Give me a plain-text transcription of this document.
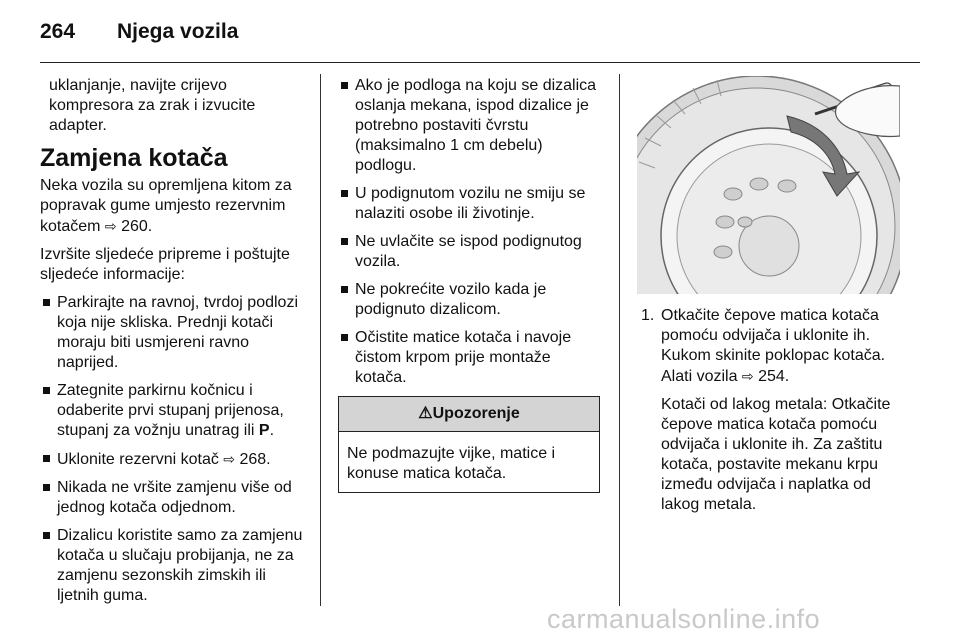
264 Njega vozila

uklanjanje, navijte crijevo kompresora za zrak i izvucite adapter.

Zamjena kotača

Neka vozila su opremljena kitom za popravak gume umjesto rezervnim kotačem ⇨ 260.

Izvršite sljedeće pripreme i poštujte sljedeće informacije:

Parkirajte na ravnoj, tvrdoj podlozi koja nije skliska. Prednji kotači moraju biti usmjereni ravno naprijed.
Zategnite parkirnu kočnicu i odaberite prvi stupanj prijenosa, stupanj za vožnju unatrag ili P.
Uklonite rezervni kotač ⇨ 268.
Nikada ne vršite zamjenu više od jednog kotača odjednom.
Dizalicu koristite samo za zamjenu kotača u slučaju probijanja, ne za zamjenu sezonskih zimskih ili ljetnih guma.
Ako je podloga na koju se dizalica oslanja mekana, ispod dizalice je potrebno postaviti čvrstu (maksimalno 1 cm debelu) podlogu.
U podignutom vozilu ne smiju se nalaziti osobe ili životinje.
Ne uvlačite se ispod podignutog vozila.
Ne pokrećite vozilo kada je podignuto dizalicom.
Očistite matice kotača i navoje čistom krpom prije montaže kotača.
⚠Upozorenje
Ne podmazujte vijke, matice i konuse matica kotača.
1. Otkačite čepove matica kotača pomoću odvijača i uklonite ih. Kukom skinite poklopac kotača. Alati vozila ⇨ 254.

Kotači od lakog metala: Otkačite čepove matica kotača pomoću odvijača i uklonite ih. Za zaštitu kotača, postavite mekanu krpu između odvijača i naplatka od lakog metala.

carmanualsonline.info
